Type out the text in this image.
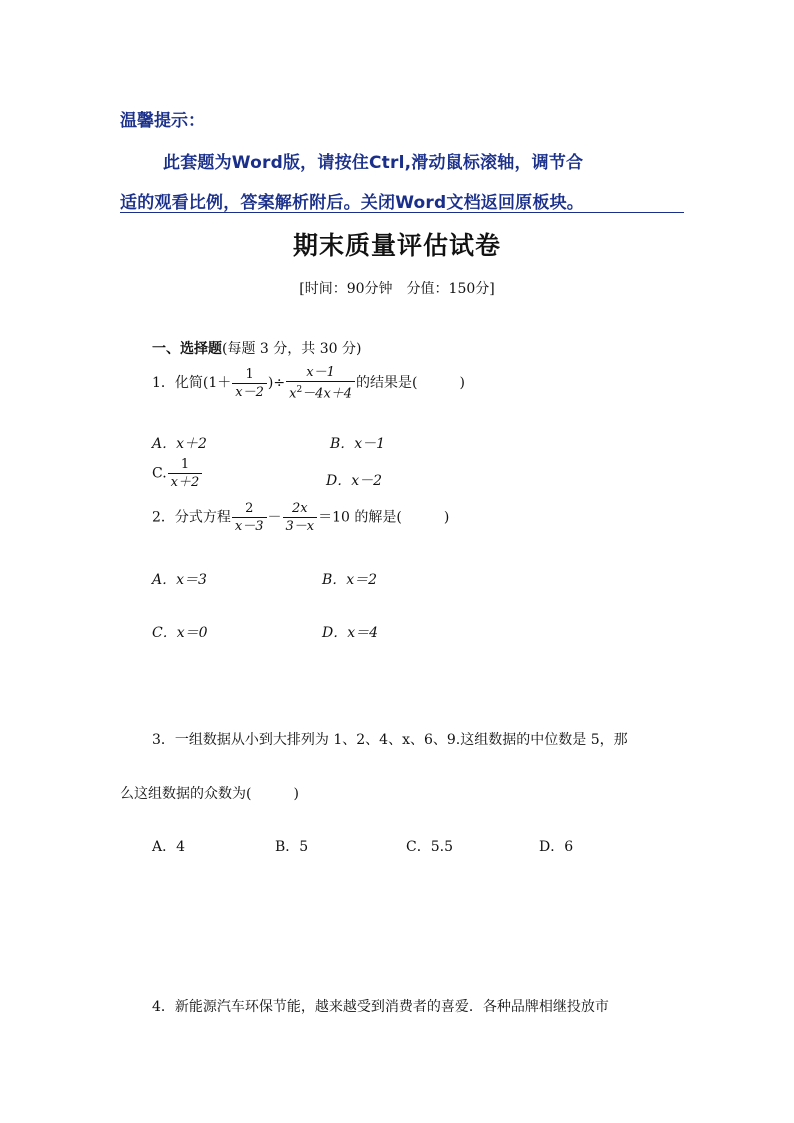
温馨提示：
此套题为Word版，请按住Ctrl,滑动鼠标滚轴，调节合
适的观看比例，答案解析附后。关闭Word文档返回原板块。
期末质量评估试卷
[时间：90分钟　分值：150分]
一、选择题(每题 3 分，共 30 分)
1．化简($1+ \frac{1}{x-2}$ )÷ $\frac{x-1}{x^2-4x+4}$ 的结果是(　　　)
A．x＋2	B．x－1
C. $\frac{1}{x+2}$	D．x－2
2．分式方程 $\frac{2}{x-3} - \frac{2x}{3-x} =10$ 的解是(　　　)
A．x＝3	B．x＝2
C．x＝0	D．x＝4
3．一组数据从小到大排列为 1、2、4、x、6、9.这组数据的中位数是 5，那
么这组数据的众数为(　　　)
A．4	B．5	C．5.5	D．6
4．新能源汽车环保节能，越来越受到消费者的喜爱．各种品牌相继投放市
